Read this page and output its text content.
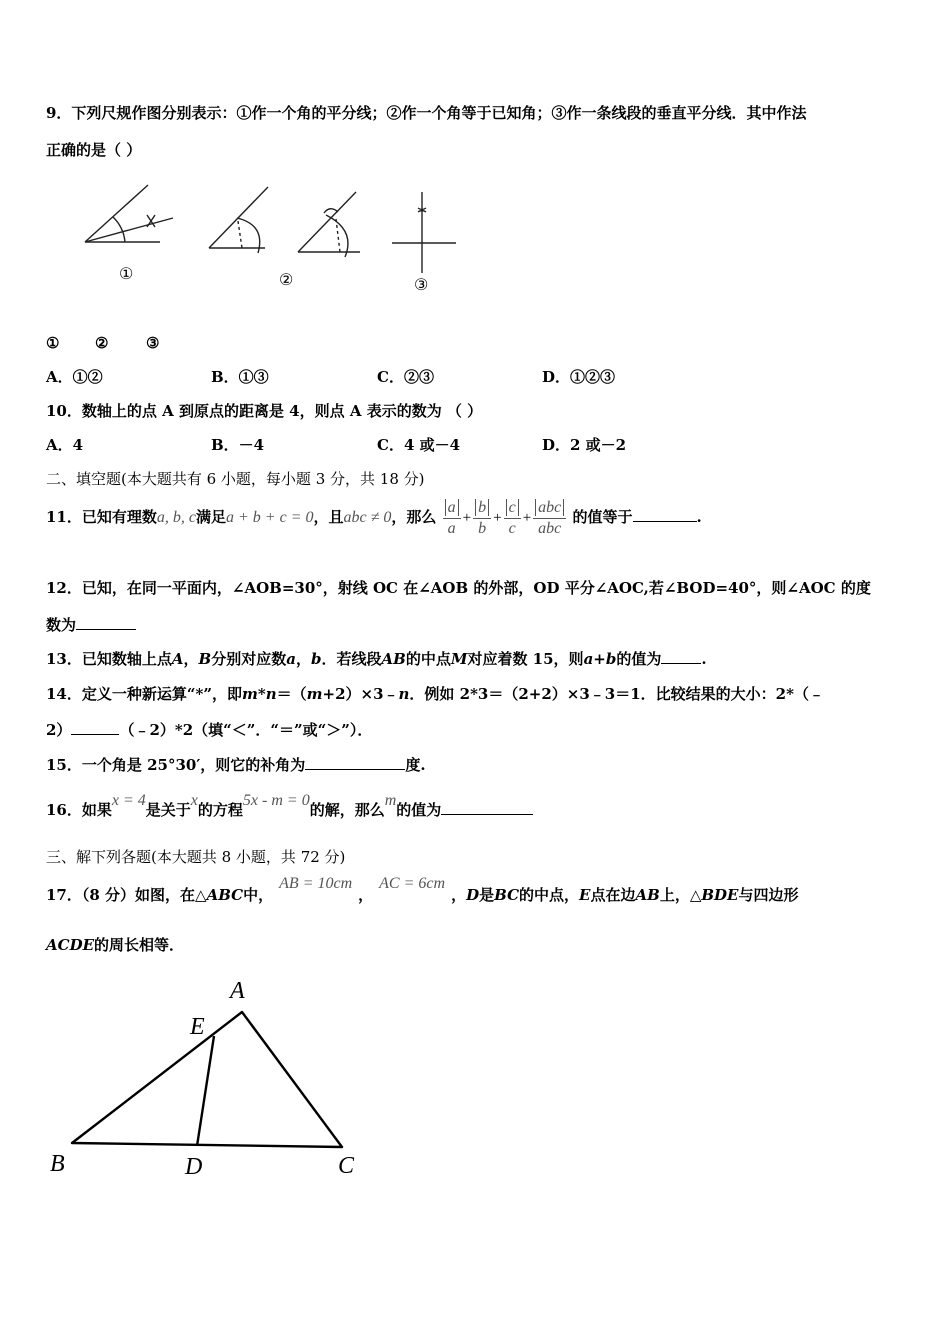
9．下列尺规作图分别表示：①作一个角的平分线；②作一个角等于已知角；③作一条线段的垂直平分线．其中作法
正确的是（ ）
①	②	③
① ②	③
A．①②	B．①③	C．②③	D．①②③
10．数轴上的点 A 到原点的距离是 4，则点 A 表示的数为 （ ）
A．4	B．－4	C．4 或－4	D．2 或－2
二、填空题(本大题共有 6 小题，每小题 3 分，共 18 分)
11．已知有理数a, b, c满足a + b + c = 0，且abc ≠ 0，那么 $\frac{a}{a} + \frac{b}{b} + \frac{c}{c} + \frac{\text{abc}}{\text{abc}}$ 的值等于	.
12．已知，在同一平面内，∠AOB=30°，射线 OC 在∠AOB 的外部，OD 平分∠AOC,若∠BOD=40°，则∠AOC 的度
数为
13．已知数轴上点A，B分别对应数a，b．若线段AB的中点M对应着数 15，则a+b的值为	.
14．定义一种新运算“*”，即m*n＝（m+2）×3﹣n．例如 2*3＝（2+2）×3﹣3＝1．比较结果的大小：2*（﹣
2）	（﹣2）*2（填“＜”．“＝”或“＞”）．
15．一个角是 25°30′，则它的补角为	度.
16．如果x = 4是关于x的方程5x - m = 0的解，那么m的值为
三、解下列各题(本大题共 8 小题，共 72 分)
17．（8 分）如图，在△ABC中，AB = 10cm，AC = 6cm，D是BC的中点，E点在边AB上，△BDE与四边形
ACDE的周长相等．
A
E
B	D	C
